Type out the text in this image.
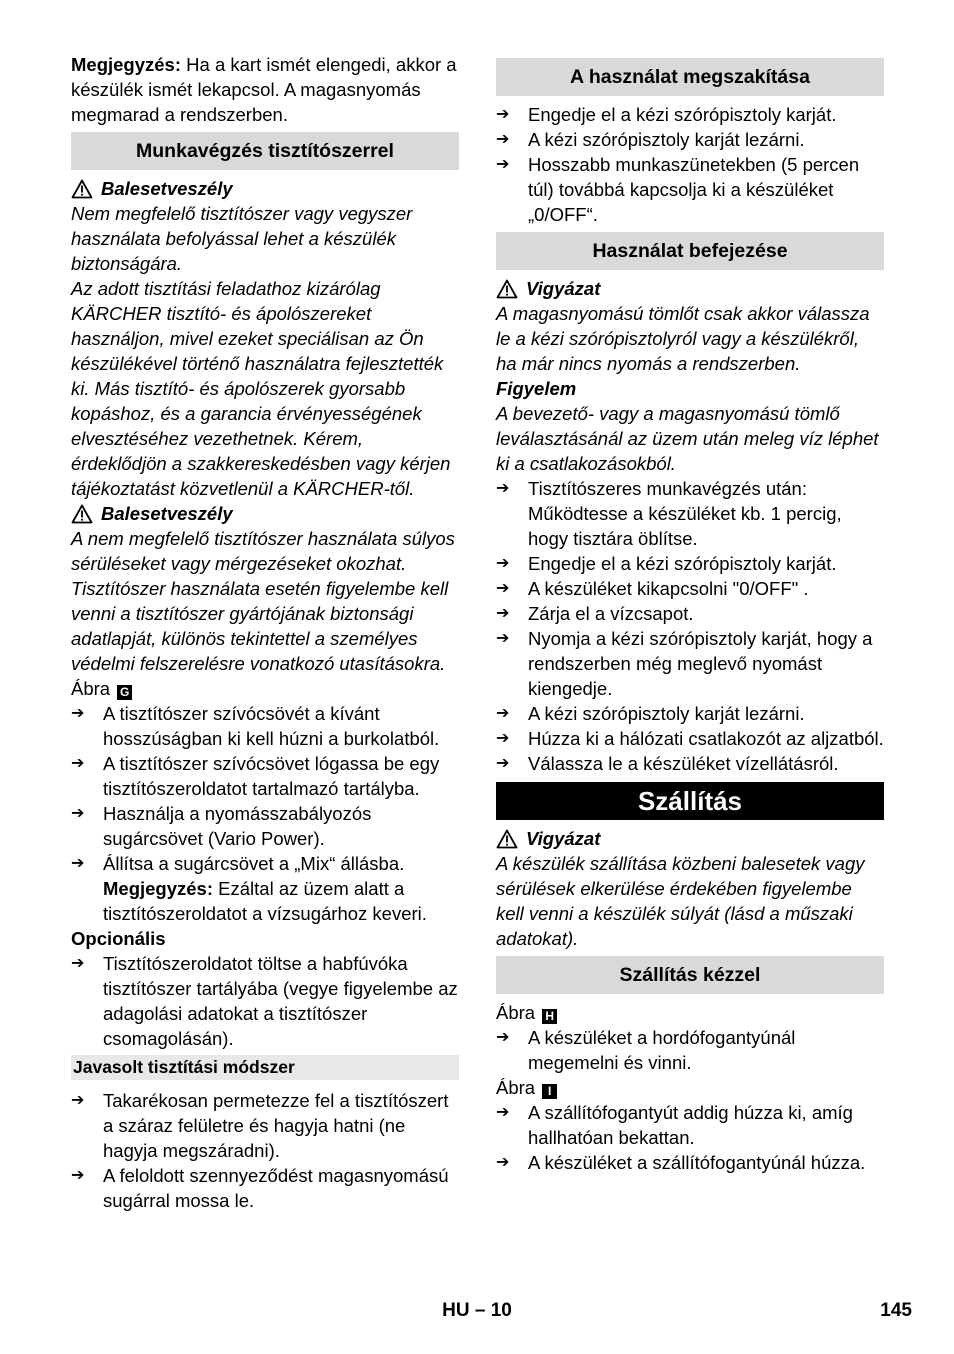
Megjegyzés: Ha a kart ismét elengedi, akkor a készülék ismét lekapcsol. A magasnyomás megmarad a rendszerben.

Munkavégzés tisztítószerrel
Balesetveszély

Nem megfelelő tisztítószer vagy vegyszer használata befolyással lehet a készülék biztonságára.

Az adott tisztítási feladathoz kizárólag KÄRCHER tisztító- és ápolószereket használjon, mivel ezeket speciálisan az Ön készülékével történő használatra fejlesztették ki. Más tisztító- és ápolószerek gyorsabb kopáshoz, és a garancia érvényességének elvesztéséhez vezethetnek. Kérem, érdeklődjön a szakkereskedésben vagy kérjen tájékoztatást közvetlenül a KÄRCHER-től.

Balesetveszély

A nem megfelelő tisztítószer használata súlyos sérüléseket vagy mérgezéseket okozhat.

Tisztítószer használata esetén figyelembe kell venni a tisztítószer gyártójának biztonsági adatlapját, különös tekintettel a személyes védelmi felszerelésre vonatkozó utasításokra.

Ábra G

➔	A tisztítószer szívócsövét a kívánt hosszúságban ki kell húzni a burkolatból.
➔	A tisztítószer szívócsövet lógassa be egy tisztítószeroldatot tartalmazó tartályba.
➔	Használja a nyomásszabályozós sugárcsövet (Vario Power).
➔	Állítsa a sugárcsövet a „Mix“ állásba.
Megjegyzés: Ezáltal az üzem alatt a tisztítószeroldatot a vízsugárhoz keveri.

Opcionális

➔	Tisztítószeroldatot töltse a habfúvóka tisztítószer tartályába (vegye figyelembe az adagolási adatokat a tisztítószer csomagolásán).
Javasolt tisztítási módszer
➔	Takarékosan permetezze fel a tisztítószert a száraz felületre és hagyja hatni (ne hagyja megszáradni).
➔	A feloldott szennyeződést magasnyomású sugárral mossa le.
A használat megszakítása
➔	Engedje el a kézi szórópisztoly karját.
➔	A kézi szórópisztoly karját lezárni.
➔	Hosszabb munkaszünetekben (5 percen túl) továbbá kapcsolja ki a készüléket „0/OFF“.
Használat befejezése
Vigyázat

A magasnyomású tömlőt csak akkor válassza le a kézi szórópisztolyról vagy a készülékről, ha már nincs nyomás a rendszerben.

Figyelem

A bevezető- vagy a magasnyomású tömlő leválasztásánál az üzem után meleg víz léphet ki a csatlakozásokból.

➔	Tisztítószeres munkavégzés után: Működtesse a készüléket kb. 1 percig, hogy tisztára öblítse.
➔	Engedje el a kézi szórópisztoly karját.
➔	A készüléket kikapcsolni "0/OFF" .
➔	Zárja el a vízcsapot.
➔	Nyomja a kézi szórópisztoly karját, hogy a rendszerben még meglevő nyomást kiengedje.
➔	A kézi szórópisztoly karját lezárni.
➔	Húzza ki a hálózati csatlakozót az aljzatból.
➔	Válassza le a készüléket vízellátásról.
Szállítás
Vigyázat

A készülék szállítása közbeni balesetek vagy sérülések elkerülése érdekében figyelembe kell venni a készülék súlyát (lásd a műszaki adatokat).

Szállítás kézzel

Ábra H

➔	A készüléket a hordófogantyúnál megemelni és vinni.

Ábra I

➔	A szállítófogantyút addig húzza ki, amíg hallhatóan bekattan.
➔	A készüléket a szállítófogantyúnál húzza.
HU – 10	145
